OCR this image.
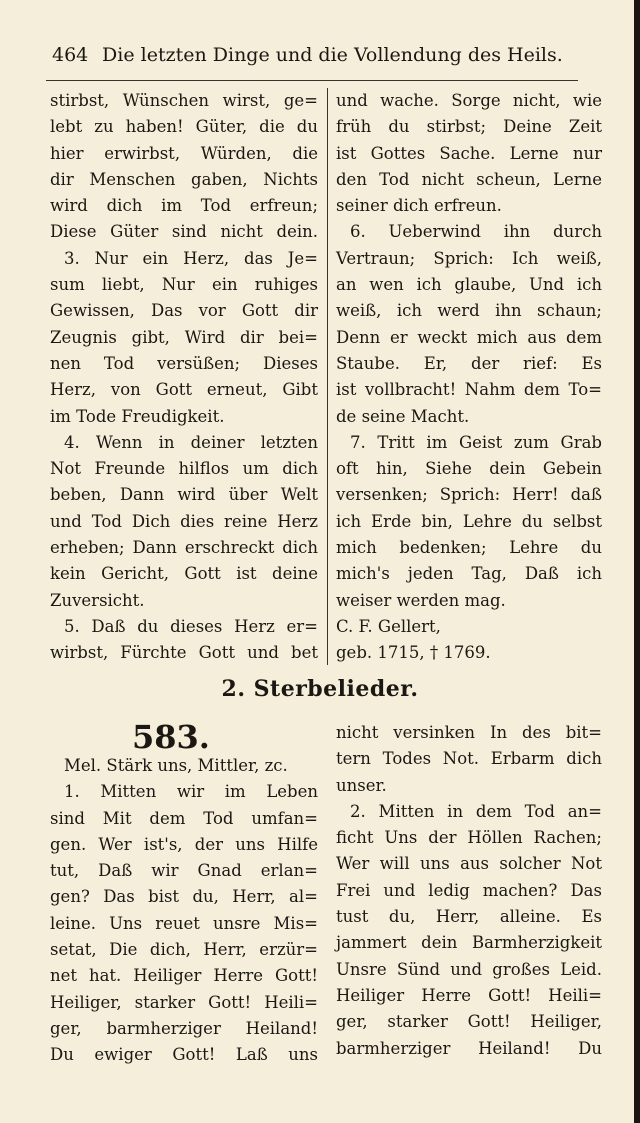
464 Die letzten Dinge und die Vollendung des Heils.
stirbst, Wünschen wirst, ge=
lebt zu haben! Güter, die du
hier erwirbst, Würden, die
dir Menschen gaben, Nichts
wird dich im Tod erfreun;
Diese Güter sind nicht dein.
3. Nur ein Herz, das Je=
sum liebt, Nur ein ruhiges
Gewissen, Das vor Gott dir
Zeugnis gibt, Wird dir bei=
nen Tod versüßen; Dieses
Herz, von Gott erneut, Gibt
im Tode Freudigkeit.
4. Wenn in deiner letzten
Not Freunde hilflos um dich
beben, Dann wird über Welt
und Tod Dich dies reine Herz
erheben; Dann erschreckt dich
kein Gericht, Gott ist deine
Zuversicht.
5. Daß du dieses Herz er=
wirbst, Fürchte Gott und bet
und wache. Sorge nicht, wie
früh du stirbst; Deine Zeit
ist Gottes Sache. Lerne nur
den Tod nicht scheun, Lerne
seiner dich erfreun.
6. Ueberwind ihn durch
Vertraun; Sprich: Ich weiß,
an wen ich glaube, Und ich
weiß, ich werd ihn schaun;
Denn er weckt mich aus dem
Staube. Er, der rief: Es
ist vollbracht! Nahm dem To=
de seine Macht.
7. Tritt im Geist zum Grab
oft hin, Siehe dein Gebein
versenken; Sprich: Herr! daß
ich Erde bin, Lehre du selbst
mich bedenken; Lehre du
mich's jeden Tag, Daß ich
weiser werden mag.
C. F. Gellert,
geb. 1715, † 1769.
2. Sterbelieder.
583.
Mel. Stärk uns, Mittler, zc.
1. Mitten wir im Leben
sind Mit dem Tod umfan=
gen. Wer ist's, der uns Hilfe
tut, Daß wir Gnad erlan=
gen? Das bist du, Herr, al=
leine. Uns reuet unsre Mis=
setat, Die dich, Herr, erzür=
net hat. Heiliger Herre Gott!
Heiliger, starker Gott! Heili=
ger, barmherziger Heiland!
Du ewiger Gott! Laß uns
nicht versinken In des bit=
tern Todes Not. Erbarm dich
unser.
2. Mitten in dem Tod an=
ficht Uns der Höllen Rachen;
Wer will uns aus solcher Not
Frei und ledig machen? Das
tust du, Herr, alleine. Es
jammert dein Barmherzigkeit
Unsre Sünd und großes Leid.
Heiliger Herre Gott! Heili=
ger, starker Gott! Heiliger,
barmherziger Heiland! Du
